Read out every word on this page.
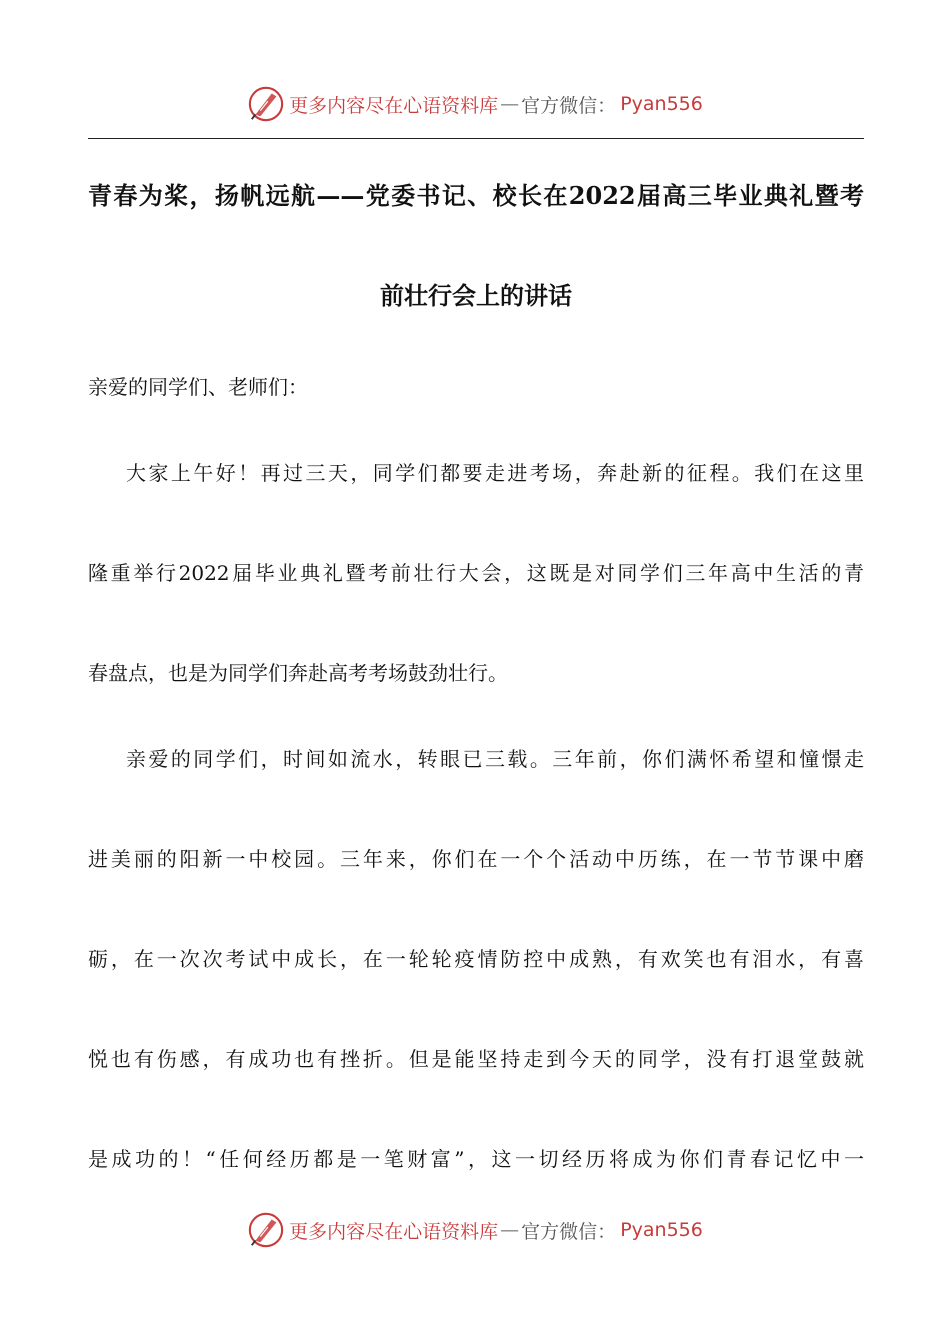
更多内容尽在心语资料库 — 官方微信： Pyan556
青春为桨，扬帆远航——党委书记、校长在2022届高三毕业典礼暨考
前壮行会上的讲话
亲爱的同学们、老师们：
大家上午好！再过三天，同学们都要走进考场，奔赴新的征程。我们在这里
隆重举行2022届毕业典礼暨考前壮行大会，这既是对同学们三年高中生活的青
春盘点，也是为同学们奔赴高考考场鼓劲壮行。
亲爱的同学们，时间如流水，转眼已三载。三年前，你们满怀希望和憧憬走
进美丽的阳新一中校园。三年来，你们在一个个活动中历练，在一节节课中磨
砺，在一次次考试中成长，在一轮轮疫情防控中成熟，有欢笑也有泪水，有喜
悦也有伤感，有成功也有挫折。但是能坚持走到今天的同学，没有打退堂鼓就
是成功的！“任何经历都是一笔财富”，这一切经历将成为你们青春记忆中一
更多内容尽在心语资料库 — 官方微信： Pyan556
